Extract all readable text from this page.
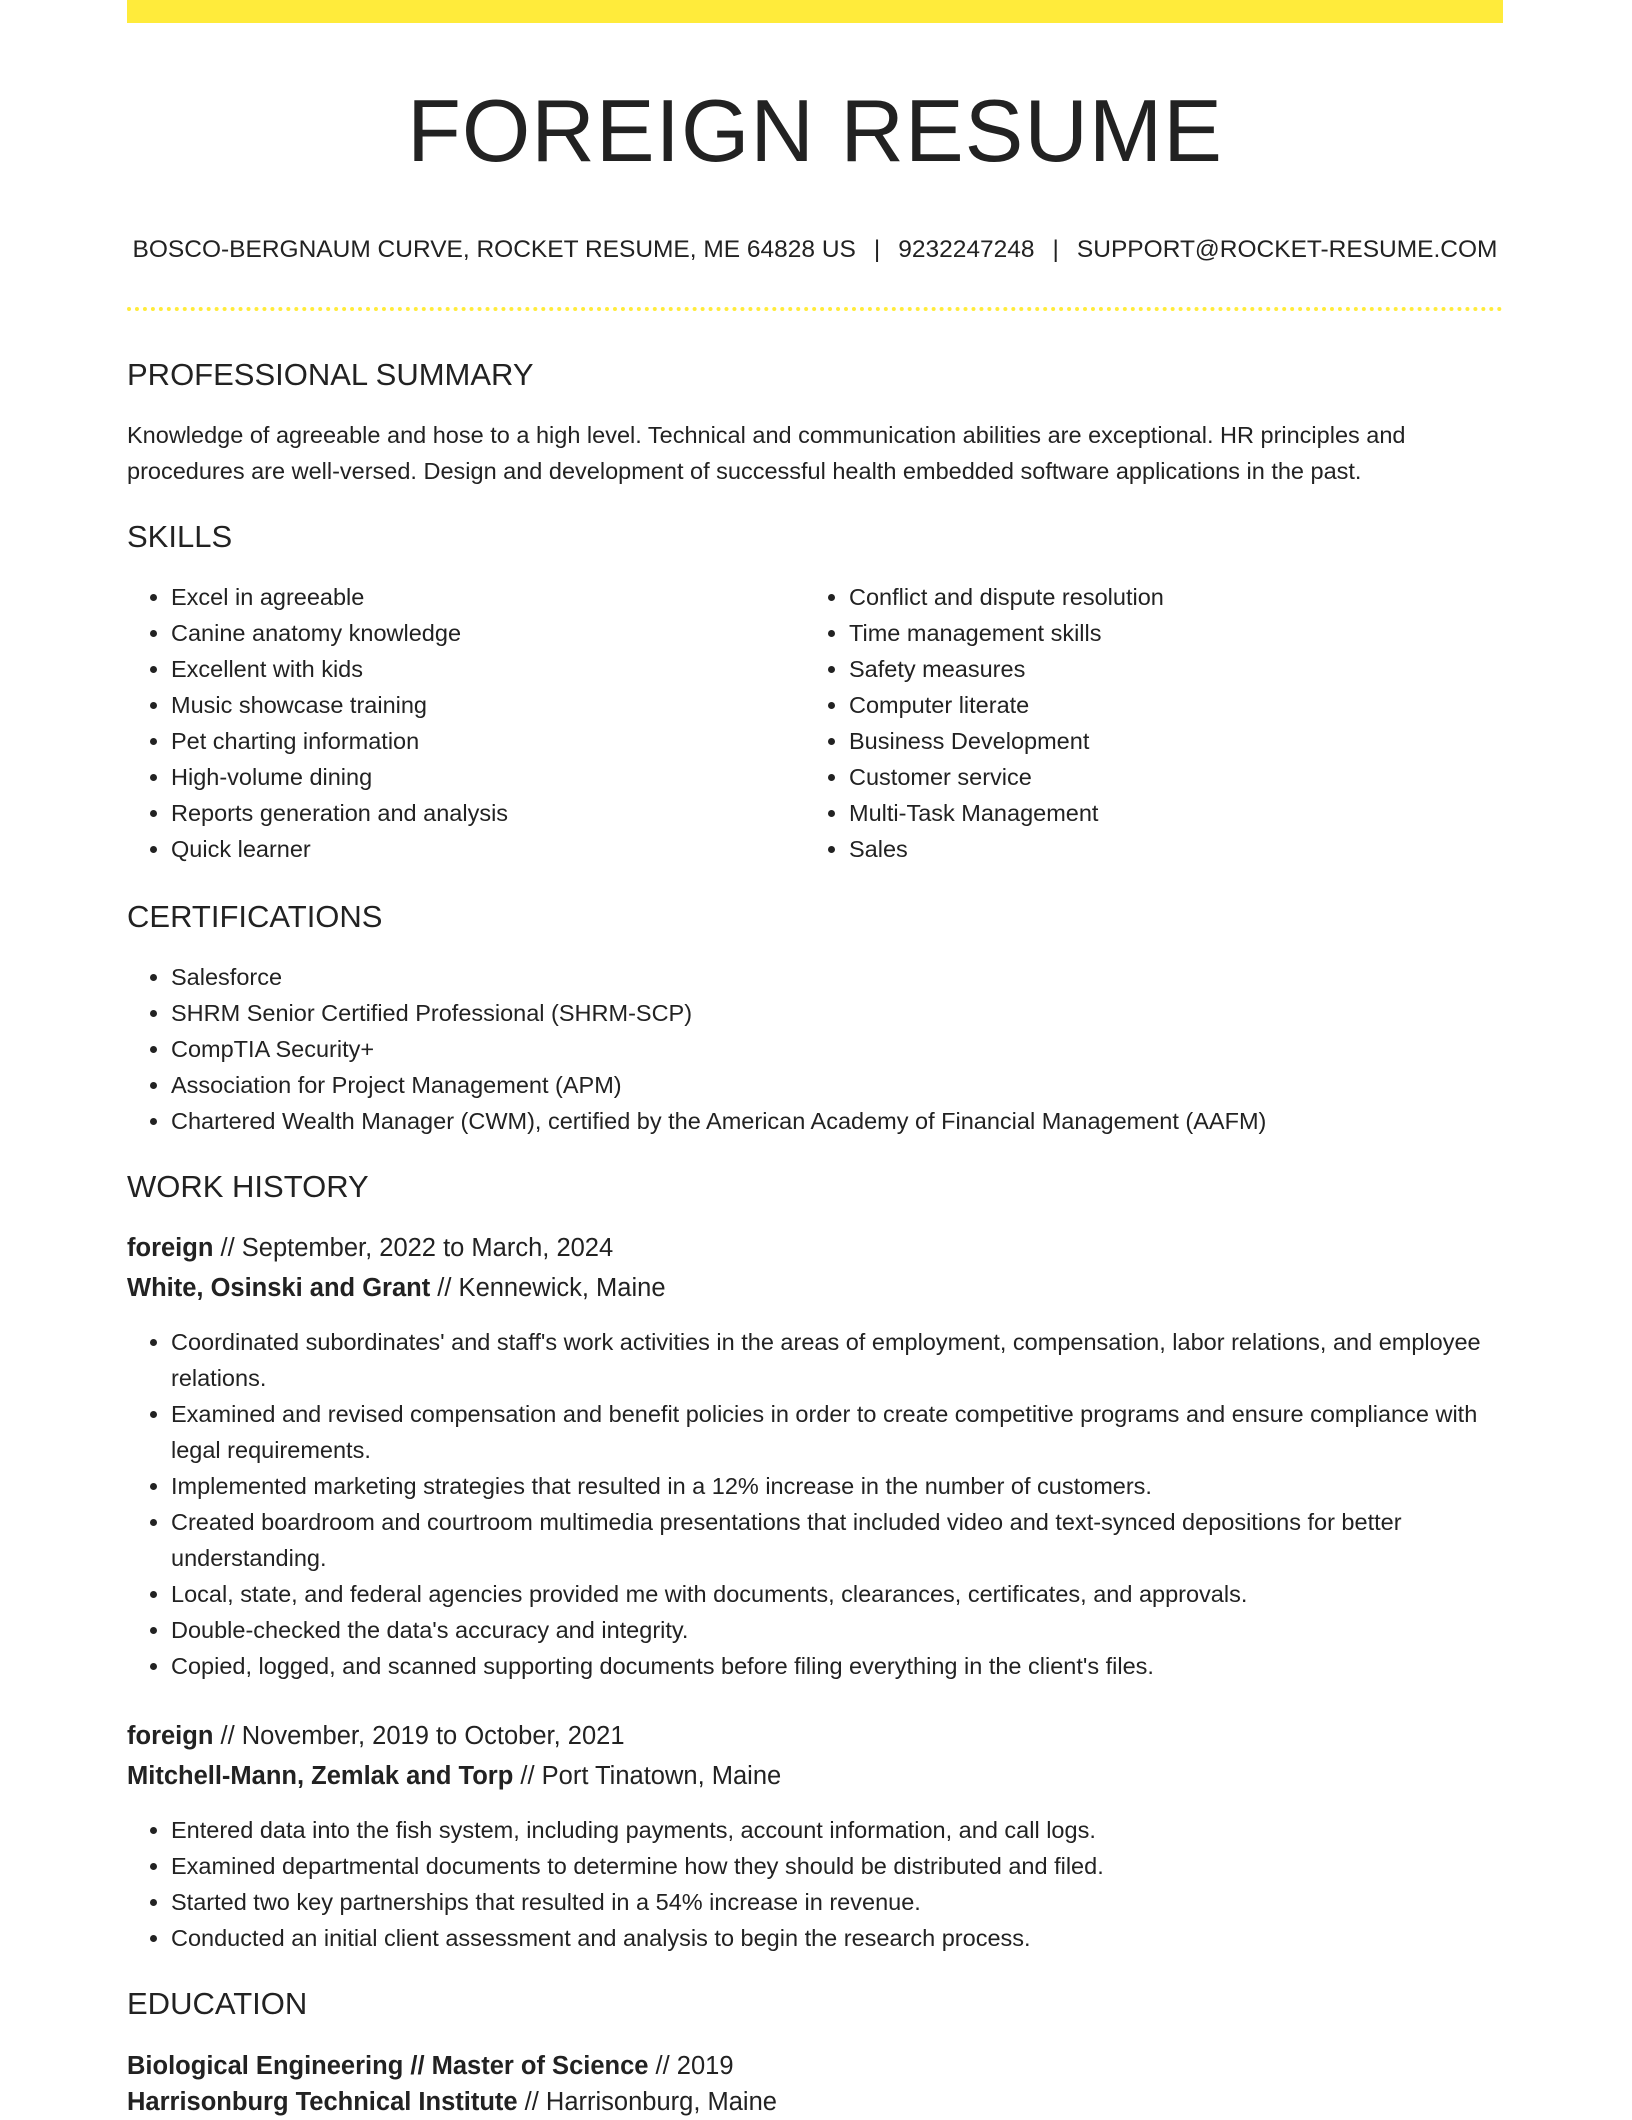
FOREIGN RESUME
BOSCO-BERGNAUM CURVE, ROCKET RESUME, ME 64828 US | 9232247248 | SUPPORT@ROCKET-RESUME.COM
PROFESSIONAL SUMMARY

Knowledge of agreeable and hose to a high level. Technical and communication abilities are exceptional. HR principles and procedures are well-versed. Design and development of successful health embedded software applications in the past.

SKILLS
• Excel in agreeable
• Canine anatomy knowledge
• Excellent with kids
• Music showcase training
• Pet charting information
• High-volume dining
• Reports generation and analysis
• Quick learner
• Conflict and dispute resolution
• Time management skills
• Safety measures
• Computer literate
• Business Development
• Customer service
• Multi-Task Management
• Sales
CERTIFICATIONS
• Salesforce
• SHRM Senior Certified Professional (SHRM-SCP)
• CompTIA Security+
• Association for Project Management (APM)
• Chartered Wealth Manager (CWM), certified by the American Academy of Financial Management (AAFM)
WORK HISTORY
foreign // September, 2022 to March, 2024
White, Osinski and Grant // Kennewick, Maine
• Coordinated subordinates' and staff's work activities in the areas of employment, compensation, labor relations, and employee relations.
• Examined and revised compensation and benefit policies in order to create competitive programs and ensure compliance with legal requirements.
• Implemented marketing strategies that resulted in a 12% increase in the number of customers.
• Created boardroom and courtroom multimedia presentations that included video and text-synced depositions for better understanding.
• Local, state, and federal agencies provided me with documents, clearances, certificates, and approvals.
• Double-checked the data's accuracy and integrity.
• Copied, logged, and scanned supporting documents before filing everything in the client's files.
foreign // November, 2019 to October, 2021
Mitchell-Mann, Zemlak and Torp // Port Tinatown, Maine
• Entered data into the fish system, including payments, account information, and call logs.
• Examined departmental documents to determine how they should be distributed and filed.
• Started two key partnerships that resulted in a 54% increase in revenue.
• Conducted an initial client assessment and analysis to begin the research process.
EDUCATION
Biological Engineering // Master of Science // 2019
Harrisonburg Technical Institute // Harrisonburg, Maine
